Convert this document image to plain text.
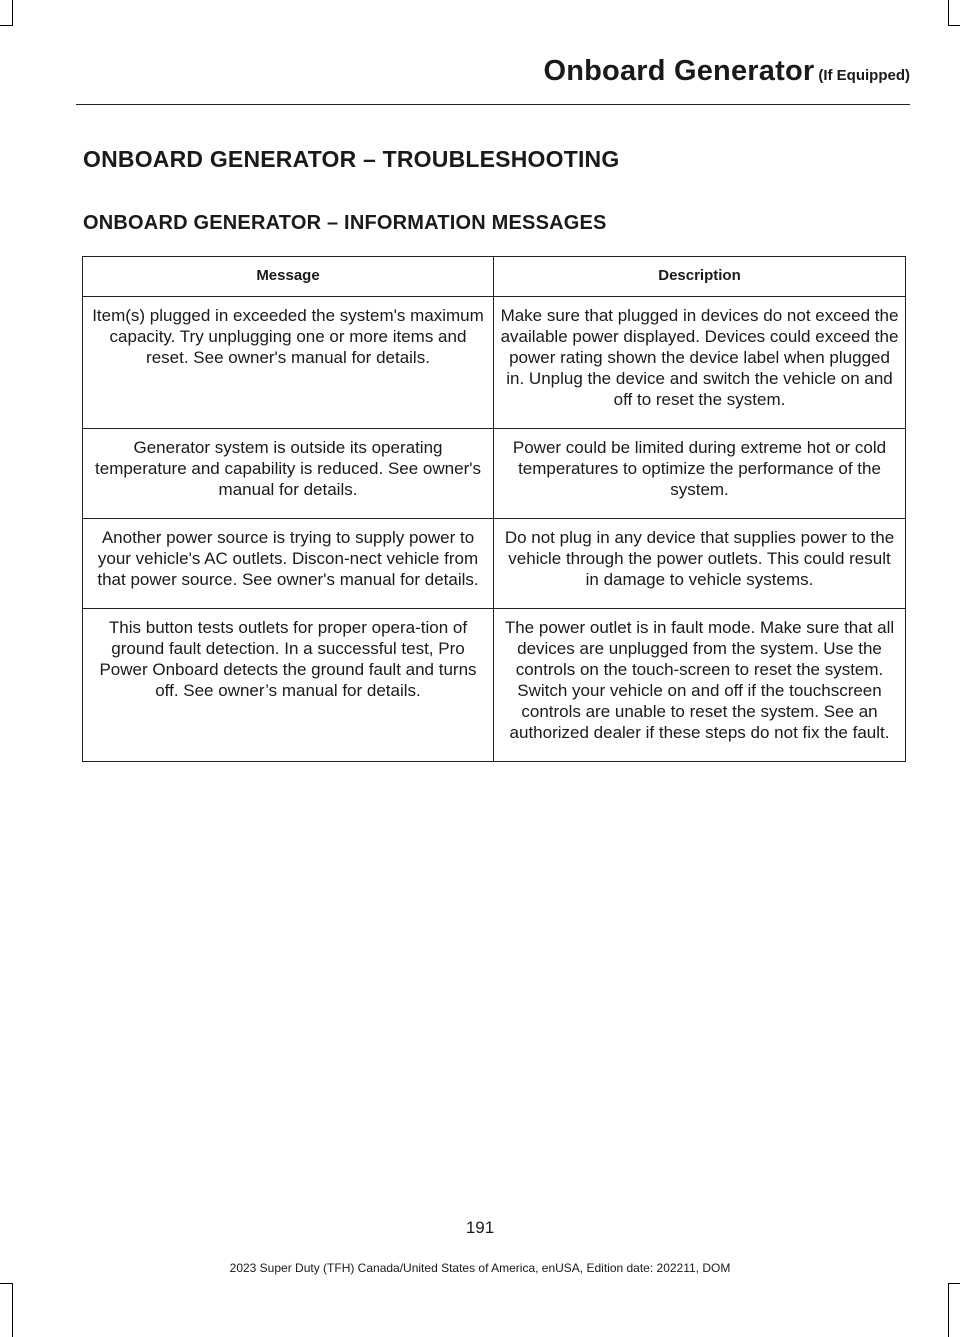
Onboard Generator (If Equipped)
ONBOARD GENERATOR – TROUBLESHOOTING
ONBOARD GENERATOR – INFORMATION MESSAGES
Message	Description
Item(s) plugged in exceeded the system's maximum capacity. Try unplugging one or more items and reset. See owner's manual for details.	Make sure that plugged in devices do not exceed the available power displayed. Devices could exceed the power rating shown the device label when plugged in. Unplug the device and switch the vehicle on and off to reset the system.
Generator system is outside its operating temperature and capability is reduced. See owner's manual for details.	Power could be limited during extreme hot or cold temperatures to optimize the performance of the system.
Another power source is trying to supply power to your vehicle's AC outlets. Discon-nect vehicle from that power source. See owner's manual for details.	Do not plug in any device that supplies power to the vehicle through the power outlets. This could result in damage to vehicle systems.
This button tests outlets for proper opera-tion of ground fault detection. In a successful test, Pro Power Onboard detects the ground fault and turns off. See owner’s manual for details.	The power outlet is in fault mode. Make sure that all devices are unplugged from the system. Use the controls on the touch-screen to reset the system. Switch your vehicle on and off if the touchscreen controls are unable to reset the system. See an authorized dealer if these steps do not fix the fault.
191
2023 Super Duty (TFH) Canada/United States of America, enUSA, Edition date: 202211, DOM
